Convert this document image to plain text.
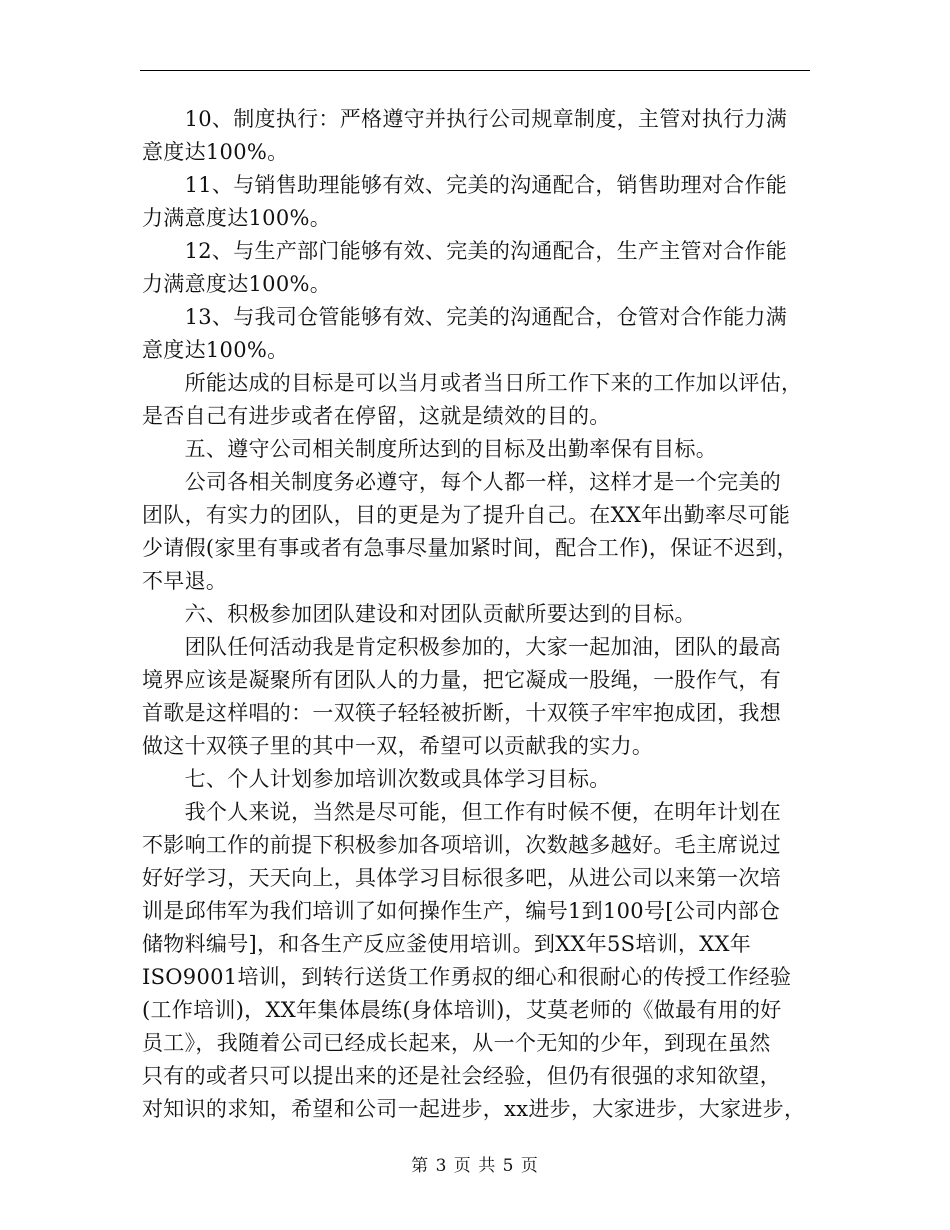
　　10、制度执行：严格遵守并执行公司规章制度，主管对执行力满
意度达100%。
　　11、与销售助理能够有效、完美的沟通配合，销售助理对合作能
力满意度达100%。
　　12、与生产部门能够有效、完美的沟通配合，生产主管对合作能
力满意度达100%。
　　13、与我司仓管能够有效、完美的沟通配合，仓管对合作能力满
意度达100%。
　　所能达成的目标是可以当月或者当日所工作下来的工作加以评估，
是否自己有进步或者在停留，这就是绩效的目的。
　　五、遵守公司相关制度所达到的目标及出勤率保有目标。
　　公司各相关制度务必遵守，每个人都一样，这样才是一个完美的
团队，有实力的团队，目的更是为了提升自己。在XX年出勤率尽可能
少请假(家里有事或者有急事尽量加紧时间，配合工作)，保证不迟到，
不早退。
　　六、积极参加团队建设和对团队贡献所要达到的目标。
　　团队任何活动我是肯定积极参加的，大家一起加油，团队的最高
境界应该是凝聚所有团队人的力量，把它凝成一股绳，一股作气，有
首歌是这样唱的：一双筷子轻轻被折断，十双筷子牢牢抱成团，我想
做这十双筷子里的其中一双，希望可以贡献我的实力。
　　七、个人计划参加培训次数或具体学习目标。
　　我个人来说，当然是尽可能，但工作有时候不便，在明年计划在
不影响工作的前提下积极参加各项培训，次数越多越好。毛主席说过
好好学习，天天向上，具体学习目标很多吧，从进公司以来第一次培
训是邱伟军为我们培训了如何操作生产，编号1到100号[公司内部仓
储物料编号]，和各生产反应釜使用培训。到XX年5S培训，XX年
ISO9001培训，到转行送货工作勇叔的细心和很耐心的传授工作经验
(工作培训)，XX年集体晨练(身体培训)，艾莫老师的《做最有用的好
员工》，我随着公司已经成长起来，从一个无知的少年，到现在虽然
只有的或者只可以提出来的还是社会经验，但仍有很强的求知欲望，
对知识的求知，希望和公司一起进步，xx进步，大家进步，大家进步，
第 3 页 共 5 页
